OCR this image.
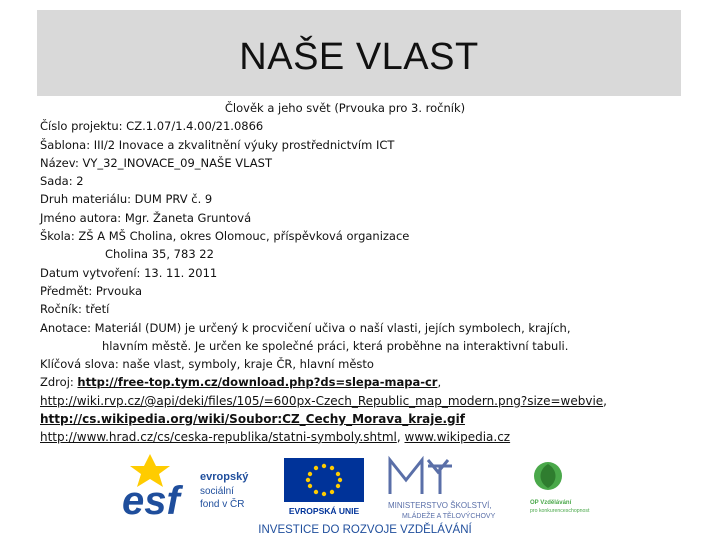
NAŠE VLAST
Člověk a jeho svět (Prvouka pro 3. ročník)
Číslo projektu: CZ.1.07/1.4.00/21.0866
Šablona: III/2 Inovace a zkvalitnění výuky prostřednictvím ICT
Název: VY_32_INOVACE_09_NAŠE VLAST
Sada: 2
Druh materiálu: DUM PRV č. 9
Jméno autora: Mgr. Žaneta Gruntová
Škola: ZŠ A MŠ Cholina, okres Olomouc, příspěvková organizace
Cholina 35, 783 22
Datum vytvoření: 13. 11. 2011
Předmět: Prvouka
Ročník: třetí
Anotace: Materiál (DUM) je určený k procvičení učiva o naší vlasti, jejích symbolech, krajích,
hlavním městě. Je určen ke společné práci, která proběhne na interaktivní tabuli.
Klíčová slova: naše vlast, symboly, kraje ČR, hlavní město
Zdroj: http://free-top.tym.cz/download.php?ds=slepa-mapa-cr,
http://wiki.rvp.cz/@api/deki/files/105/=600px-Czech_Republic_map_modern.png?size=webvie,
http://cs.wikipedia.org/wiki/Soubor:CZ_Cechy_Morava_kraje.gif
http://www.hrad.cz/cs/ceska-republika/statni-symboly.shtml, www.wikipedia.cz
esf
evropský
sociální
fond v ČR
EVROPSKÁ UNIE
MINISTERSTVO ŠKOLSTVÍ,
MLÁDEŽE A TĚLOVÝCHOVY
OP Vzdělávání
pro konkurenceschopnost
INVESTICE DO ROZVOJE VZDĚLÁVÁNÍ
